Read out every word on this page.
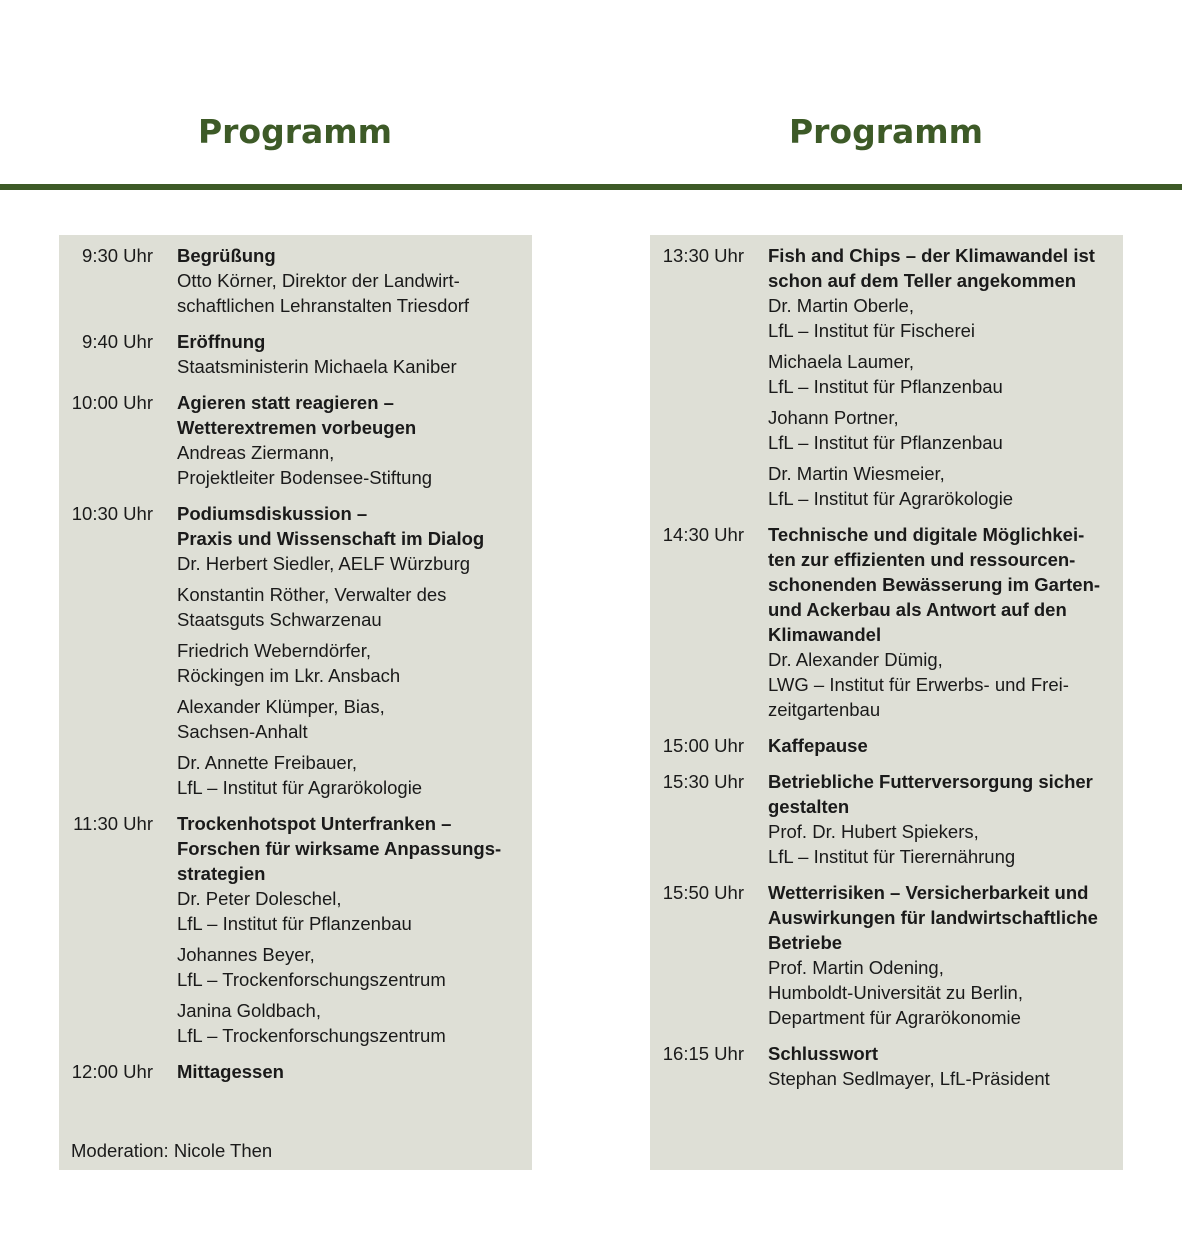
Programm	Programm
9:30 Uhr Begrüßung
Otto Körner, Direktor der Landwirt-
schaftlichen Lehranstalten Triesdorf
9:40 Uhr Eröffnung
Staatsministerin Michaela Kaniber
10:00 Uhr Agieren statt reagieren –
Wetterextremen vorbeugen
Andreas Ziermann,
Projektleiter Bodensee-Stiftung
10:30 Uhr Podiumsdiskussion –
Praxis und Wissenschaft im Dialog
Dr. Herbert Siedler, AELF Würzburg
Konstantin Röther, Verwalter des
Staatsguts Schwarzenau
Friedrich Weberndörfer,
Röckingen im Lkr. Ansbach
Alexander Klümper, Bias,
Sachsen-Anhalt
Dr. Annette Freibauer,
LfL – Institut für Agrarökologie
11:30 Uhr Trockenhotspot Unterfranken –
Forschen für wirksame Anpassungs-
strategien
Dr. Peter Doleschel,
LfL – Institut für Pflanzenbau
Johannes Beyer,
LfL – Trockenforschungszentrum
Janina Goldbach,
LfL – Trockenforschungszentrum
12:00 Uhr Mittagessen
Moderation: Nicole Then
13:30 Uhr Fish and Chips – der Klimawandel ist
schon auf dem Teller angekommen
Dr. Martin Oberle,
LfL – Institut für Fischerei
Michaela Laumer,
LfL – Institut für Pflanzenbau
Johann Portner,
LfL – Institut für Pflanzenbau
Dr. Martin Wiesmeier,
LfL – Institut für Agrarökologie
14:30 Uhr Technische und digitale Möglichkei-
ten zur effizienten und ressourcen-
schonenden Bewässerung im Garten-
und Ackerbau als Antwort auf den
Klimawandel
Dr. Alexander Dümig,
LWG – Institut für Erwerbs- und Frei-
zeitgartenbau
15:00 Uhr Kaffepause
15:30 Uhr Betriebliche Futterversorgung sicher
gestalten
Prof. Dr. Hubert Spiekers,
LfL – Institut für Tierernährung
15:50 Uhr Wetterrisiken – Versicherbarkeit und
Auswirkungen für landwirtschaftliche
Betriebe
Prof. Martin Odening,
Humboldt-Universität zu Berlin,
Department für Agrarökonomie
16:15 Uhr Schlusswort
Stephan Sedlmayer, LfL-Präsident
